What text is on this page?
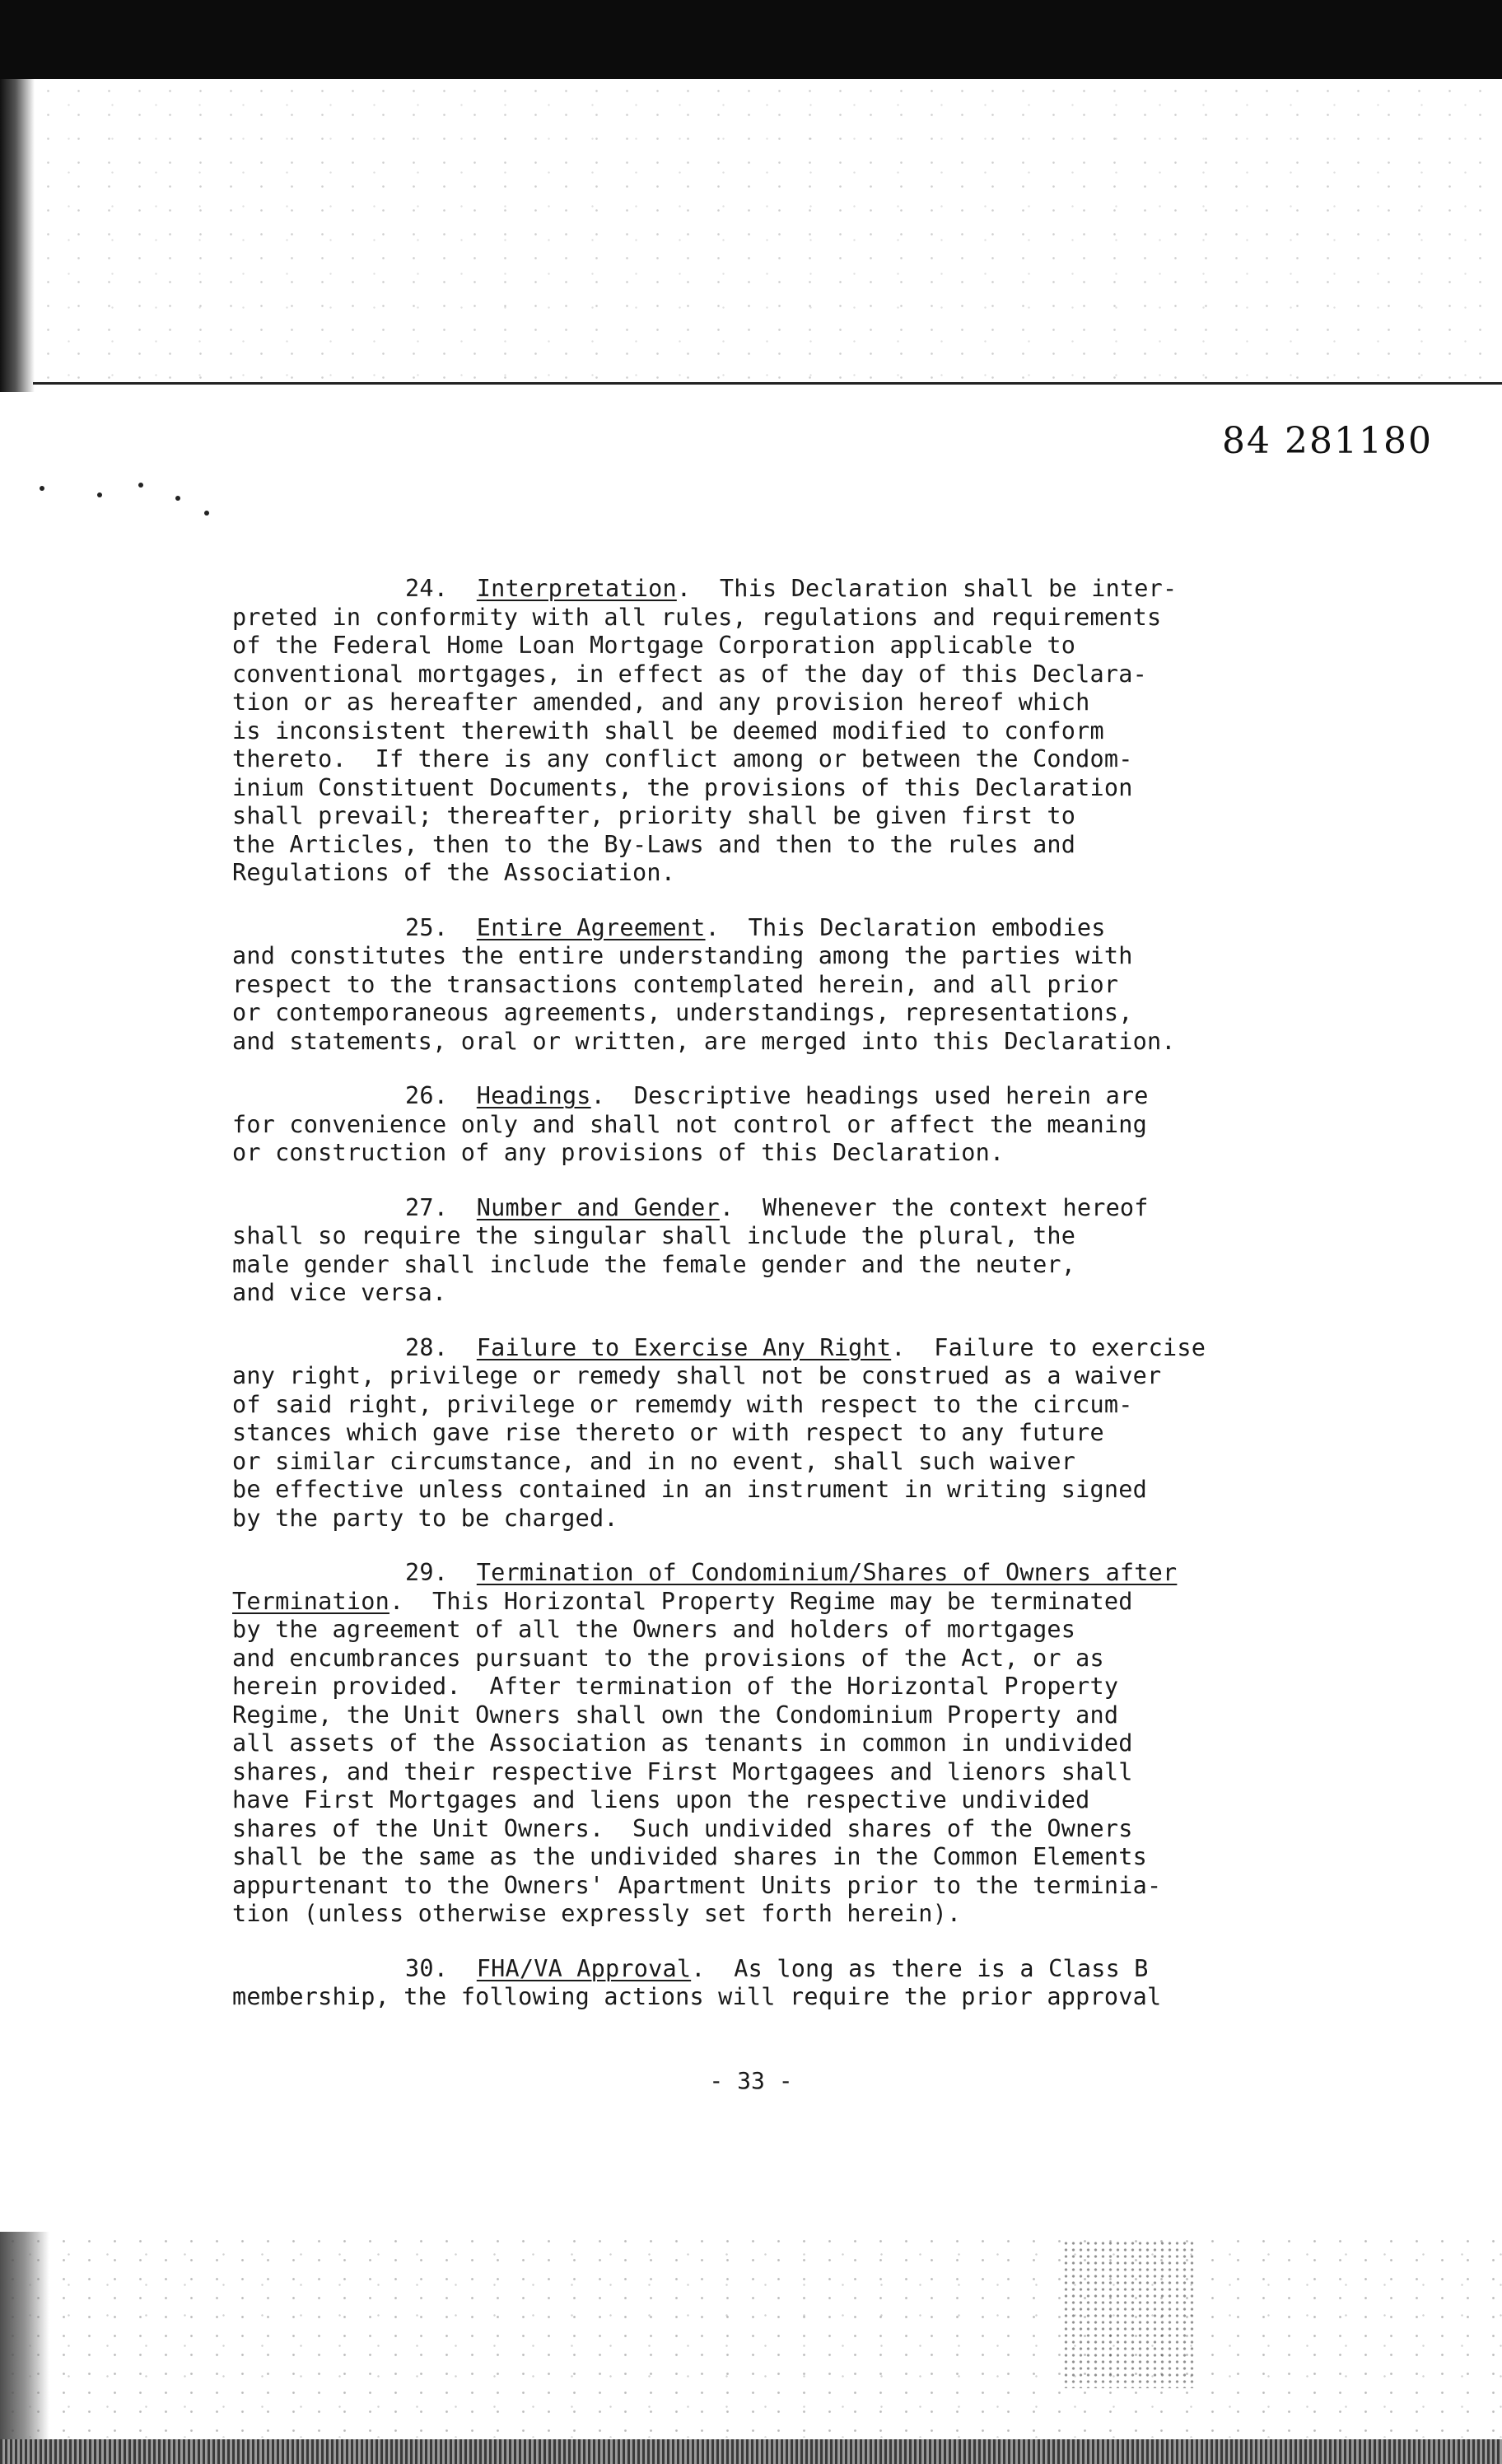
84 281180
24. Interpretation.  This Declaration shall be inter-
preted in conformity with all rules, regulations and requirements
of the Federal Home Loan Mortgage Corporation applicable to
conventional mortgages, in effect as of the day of this Declara-
tion or as hereafter amended, and any provision hereof which
is inconsistent therewith shall be deemed modified to conform
thereto.  If there is any conflict among or between the Condom-
inium Constituent Documents, the provisions of this Declaration
shall prevail; thereafter, priority shall be given first to
the Articles, then to the By-Laws and then to the rules and
Regulations of the Association.
25. Entire Agreement.  This Declaration embodies
and constitutes the entire understanding among the parties with
respect to the transactions contemplated herein, and all prior
or contemporaneous agreements, understandings, representations,
and statements, oral or written, are merged into this Declaration.
26. Headings.  Descriptive headings used herein are
for convenience only and shall not control or affect the meaning
or construction of any provisions of this Declaration.
27. Number and Gender.  Whenever the context hereof
shall so require the singular shall include the plural, the
male gender shall include the female gender and the neuter,
and vice versa.
28. Failure to Exercise Any Right.  Failure to exercise
any right, privilege or remedy shall not be construed as a waiver
of said right, privilege or rememdy with respect to the circum-
stances which gave rise thereto or with respect to any future
or similar circumstance, and in no event, shall such waiver
be effective unless contained in an instrument in writing signed
by the party to be charged.
29. Termination of Condominium/Shares of Owners after
Termination.  This Horizontal Property Regime may be terminated
by the agreement of all the Owners and holders of mortgages
and encumbrances pursuant to the provisions of the Act, or as
herein provided.  After termination of the Horizontal Property
Regime, the Unit Owners shall own the Condominium Property and
all assets of the Association as tenants in common in undivided
shares, and their respective First Mortgagees and lienors shall
have First Mortgages and liens upon the respective undivided
shares of the Unit Owners.  Such undivided shares of the Owners
shall be the same as the undivided shares in the Common Elements
appurtenant to the Owners' Apartment Units prior to the terminia-
tion (unless otherwise expressly set forth herein).
30. FHA/VA Approval.  As long as there is a Class B
membership, the following actions will require the prior approval
- 33 -
